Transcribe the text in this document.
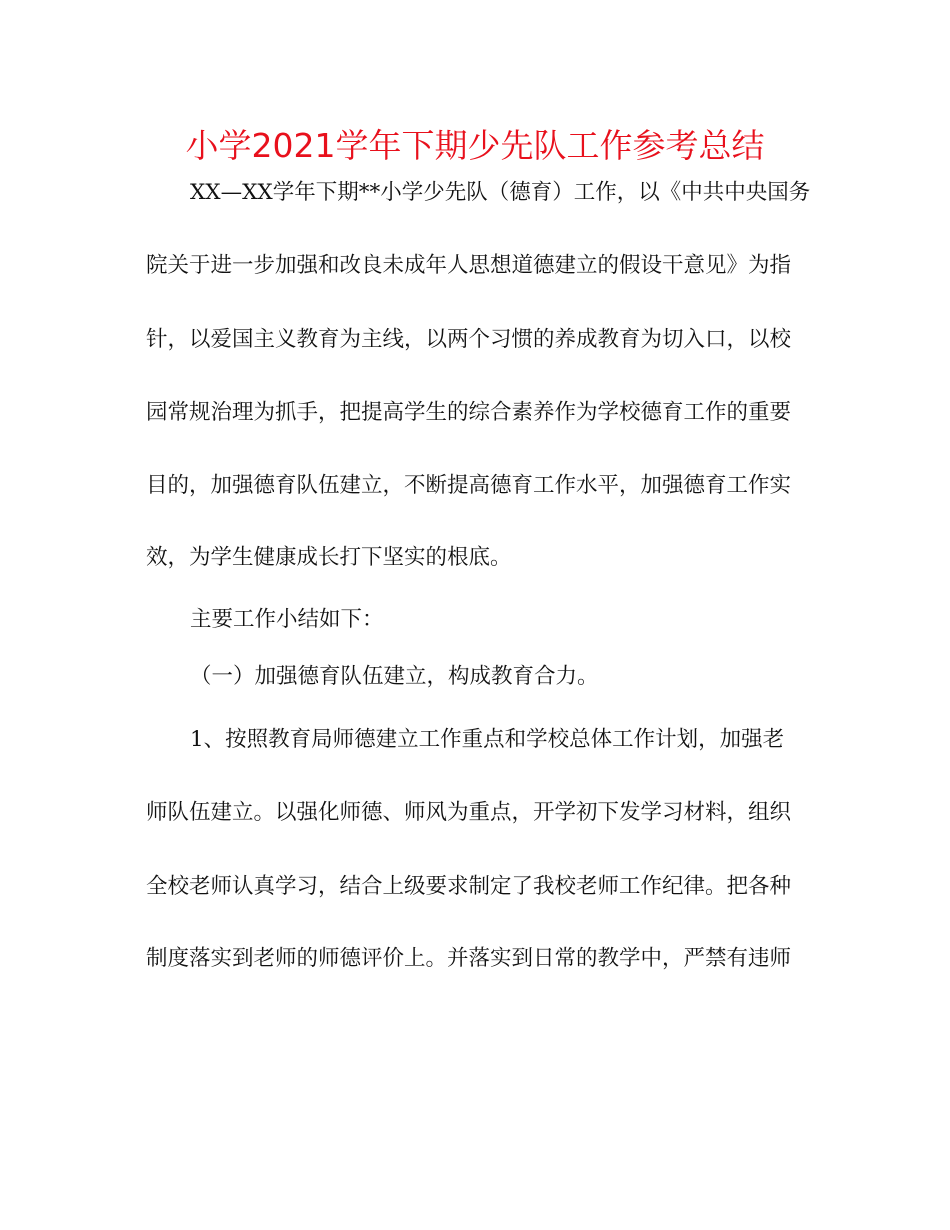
小学2021学年下期少先队工作参考总结

XX—XX学年下期**小学少先队（德育）工作，以《中共中央国务

院关于进一步加强和改良未成年人思想道德建立的假设干意见》为指

针，以爱国主义教育为主线，以两个习惯的养成教育为切入口，以校

园常规治理为抓手，把提高学生的综合素养作为学校德育工作的重要

目的，加强德育队伍建立，不断提高德育工作水平，加强德育工作实

效，为学生健康成长打下坚实的根底。

主要工作小结如下：

（一）加强德育队伍建立，构成教育合力。

1、按照教育局师德建立工作重点和学校总体工作计划，加强老

师队伍建立。以强化师德、师风为重点，开学初下发学习材料，组织

全校老师认真学习，结合上级要求制定了我校老师工作纪律。把各种

制度落实到老师的师德评价上。并落实到日常的教学中，严禁有违师
